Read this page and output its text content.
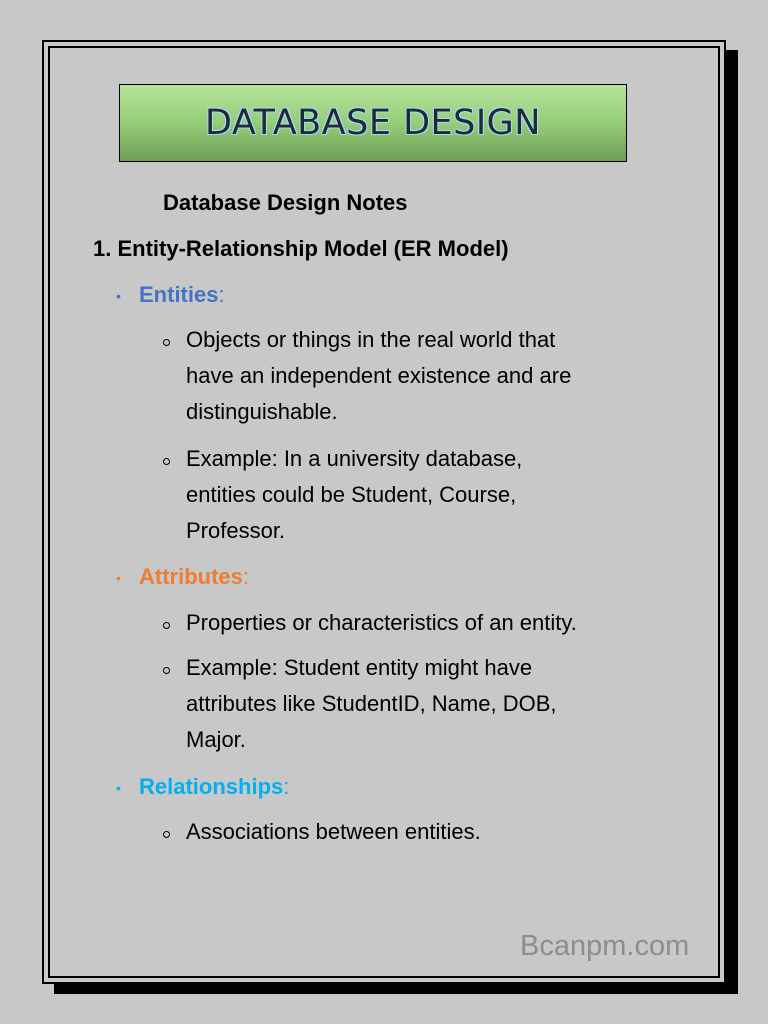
DATABASE DESIGN
Database Design Notes
1. Entity-Relationship Model (ER Model)
• Entities:
Objects or things in the real world that
have an independent existence and are
distinguishable.
Example: In a university database,
entities could be Student, Course,
Professor.
• Attributes:
Properties or characteristics of an entity.
Example: Student entity might have
attributes like StudentID, Name, DOB,
Major.
• Relationships:
Associations between entities.
Bcanpm.com
